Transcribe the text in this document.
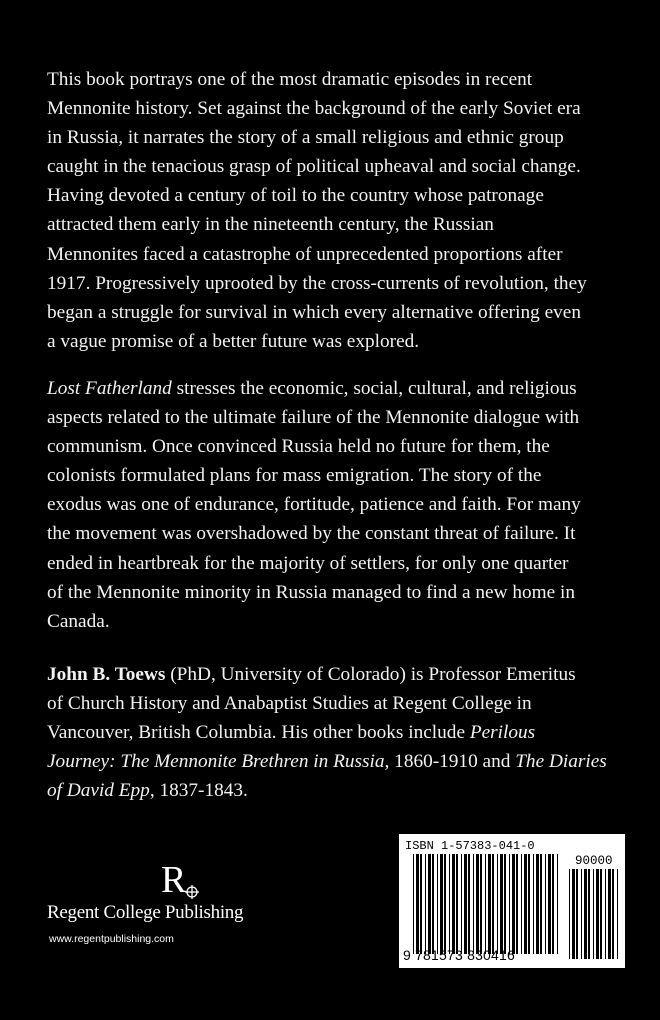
This book portrays one of the most dramatic episodes in recent
Mennonite history. Set against the background of the early Soviet era
in Russia, it narrates the story of a small religious and ethnic group
caught in the tenacious grasp of political upheaval and social change.
Having devoted a century of toil to the country whose patronage
attracted them early in the nineteenth century, the Russian
Mennonites faced a catastrophe of unprecedented proportions after
1917. Progressively uprooted by the cross-currents of revolution, they
began a struggle for survival in which every alternative offering even
a vague promise of a better future was explored.
Lost Fatherland stresses the economic, social, cultural, and religious
aspects related to the ultimate failure of the Mennonite dialogue with
communism. Once convinced Russia held no future for them, the
colonists formulated plans for mass emigration. The story of the
exodus was one of endurance, fortitude, patience and faith. For many
the movement was overshadowed by the constant threat of failure. It
ended in heartbreak for the majority of settlers, for only one quarter
of the Mennonite minority in Russia managed to find a new home in
Canada.
John B. Toews (PhD, University of Colorado) is Professor Emeritus
of Church History and Anabaptist Studies at Regent College in
Vancouver, British Columbia. His other books include Perilous
Journey: The Mennonite Brethren in Russia, 1860-1910 and The Diaries
of David Epp, 1837-1843.
R
Regent College Publishing
www.regentpublishing.com
ISBN 1-57383-041-0
90000
9 781573 830416
